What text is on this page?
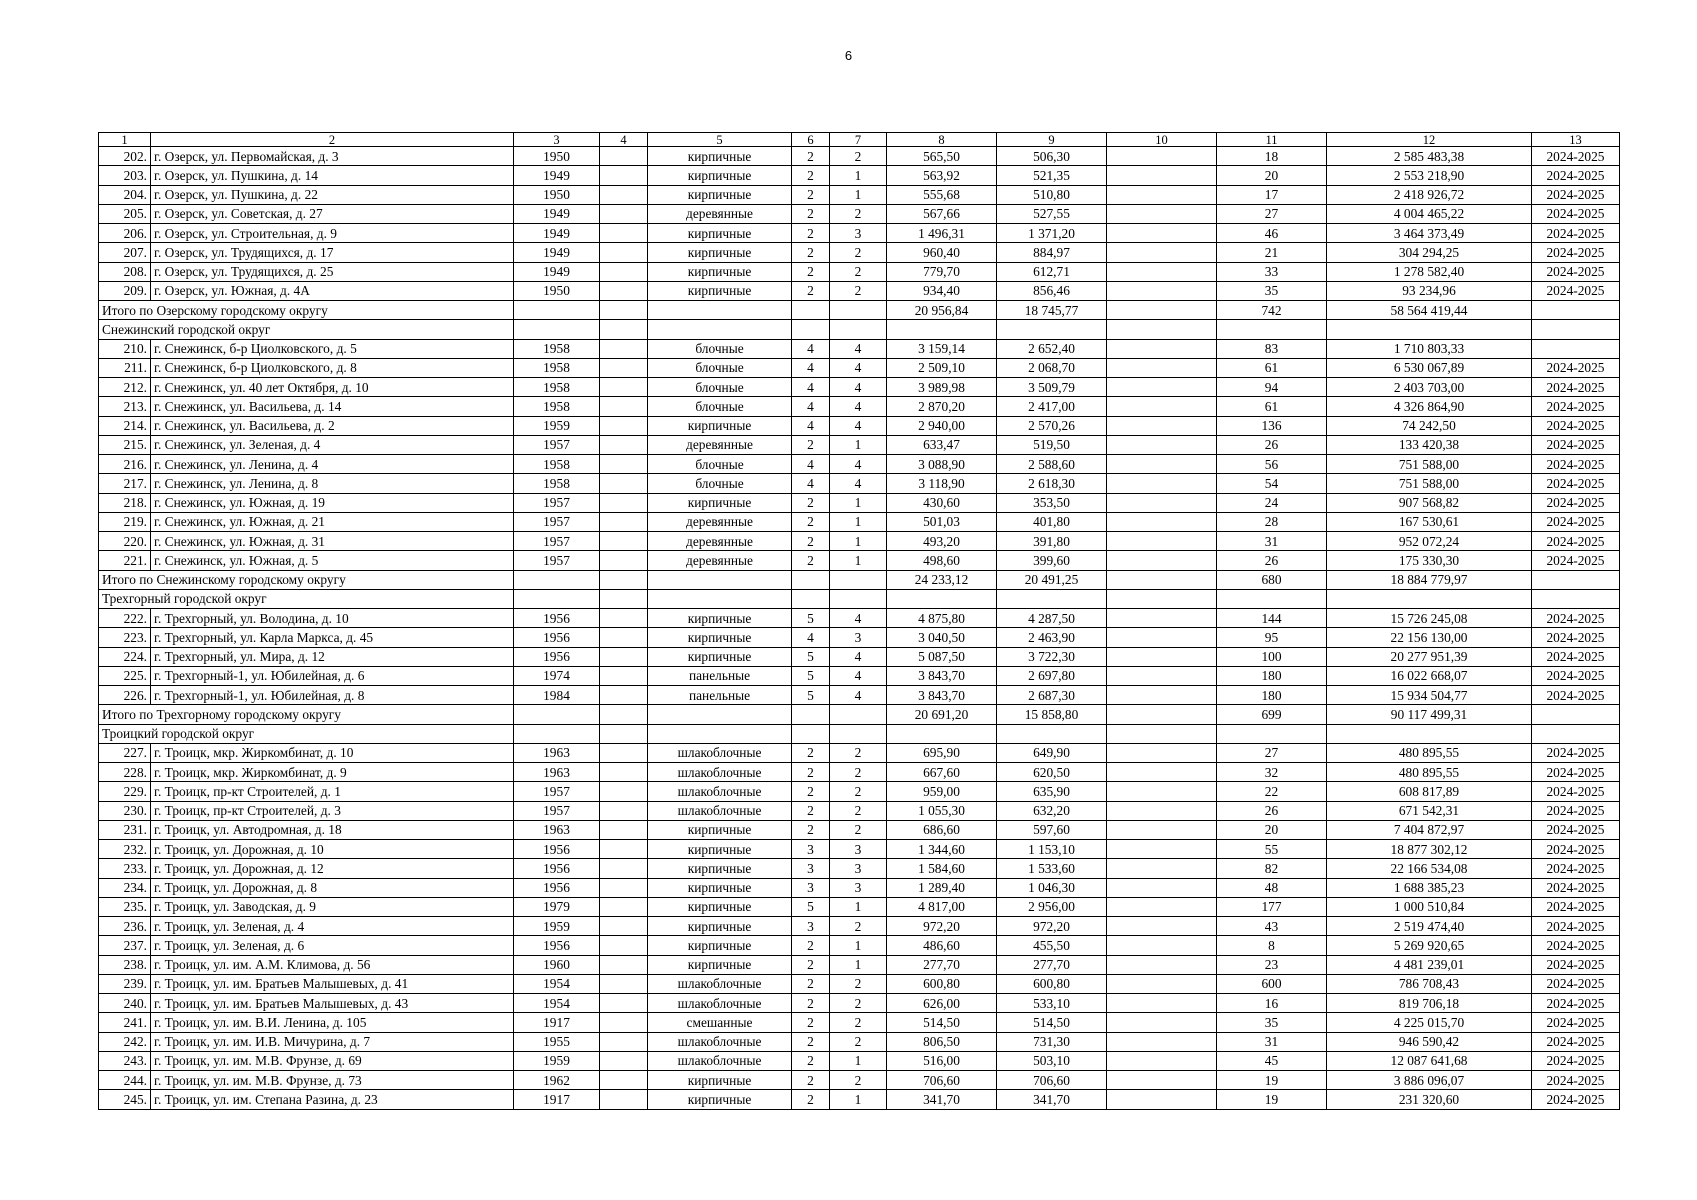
6
1	2	3	4	5	6	7	8	9	10	11	12	13
202.	г. Озерск, ул. Первомайская, д. 3	1950		кирпичные	2	2	565,50	506,30		18	2 585 483,38	2024-2025
203.	г. Озерск, ул. Пушкина, д. 14	1949		кирпичные	2	1	563,92	521,35		20	2 553 218,90	2024-2025
204.	г. Озерск, ул. Пушкина, д. 22	1950		кирпичные	2	1	555,68	510,80		17	2 418 926,72	2024-2025
205.	г. Озерск, ул. Советская, д. 27	1949		деревянные	2	2	567,66	527,55		27	4 004 465,22	2024-2025
206.	г. Озерск, ул. Строительная, д. 9	1949		кирпичные	2	3	1 496,31	1 371,20		46	3 464 373,49	2024-2025
207.	г. Озерск, ул. Трудящихся, д. 17	1949		кирпичные	2	2	960,40	884,97		21	304 294,25	2024-2025
208.	г. Озерск, ул. Трудящихся, д. 25	1949		кирпичные	2	2	779,70	612,71		33	1 278 582,40	2024-2025
209.	г. Озерск, ул. Южная, д. 4А	1950		кирпичные	2	2	934,40	856,46		35	93 234,96	2024-2025
Итого по Озерскому городскому округу							20 956,84	18 745,77		742	58 564 419,44	
Снежинский городской округ												
210.	г. Снежинск, б-р Циолковского, д. 5	1958		блочные	4	4	3 159,14	2 652,40		83	1 710 803,33	
211.	г. Снежинск, б-р Циолковского, д. 8	1958		блочные	4	4	2 509,10	2 068,70		61	6 530 067,89	2024-2025
212.	г. Снежинск, ул. 40 лет Октября, д. 10	1958		блочные	4	4	3 989,98	3 509,79		94	2 403 703,00	2024-2025
213.	г. Снежинск, ул. Васильева, д. 14	1958		блочные	4	4	2 870,20	2 417,00		61	4 326 864,90	2024-2025
214.	г. Снежинск, ул. Васильева, д. 2	1959		кирпичные	4	4	2 940,00	2 570,26		136	74 242,50	2024-2025
215.	г. Снежинск, ул. Зеленая, д. 4	1957		деревянные	2	1	633,47	519,50		26	133 420,38	2024-2025
216.	г. Снежинск, ул. Ленина, д. 4	1958		блочные	4	4	3 088,90	2 588,60		56	751 588,00	2024-2025
217.	г. Снежинск, ул. Ленина, д. 8	1958		блочные	4	4	3 118,90	2 618,30		54	751 588,00	2024-2025
218.	г. Снежинск, ул. Южная, д. 19	1957		кирпичные	2	1	430,60	353,50		24	907 568,82	2024-2025
219.	г. Снежинск, ул. Южная, д. 21	1957		деревянные	2	1	501,03	401,80		28	167 530,61	2024-2025
220.	г. Снежинск, ул. Южная, д. 31	1957		деревянные	2	1	493,20	391,80		31	952 072,24	2024-2025
221.	г. Снежинск, ул. Южная, д. 5	1957		деревянные	2	1	498,60	399,60		26	175 330,30	2024-2025
Итого по Снежинскому городскому округу							24 233,12	20 491,25		680	18 884 779,97	
Трехгорный городской округ												
222.	г. Трехгорный, ул. Володина, д. 10	1956		кирпичные	5	4	4 875,80	4 287,50		144	15 726 245,08	2024-2025
223.	г. Трехгорный, ул. Карла Маркса, д. 45	1956		кирпичные	4	3	3 040,50	2 463,90		95	22 156 130,00	2024-2025
224.	г. Трехгорный, ул. Мира, д. 12	1956		кирпичные	5	4	5 087,50	3 722,30		100	20 277 951,39	2024-2025
225.	г. Трехгорный-1, ул. Юбилейная, д. 6	1974		панельные	5	4	3 843,70	2 697,80		180	16 022 668,07	2024-2025
226.	г. Трехгорный-1, ул. Юбилейная, д. 8	1984		панельные	5	4	3 843,70	2 687,30		180	15 934 504,77	2024-2025
Итого по Трехгорному городскому округу							20 691,20	15 858,80		699	90 117 499,31	
Троицкий городской округ												
227.	г. Троицк, мкр. Жиркомбинат, д. 10	1963		шлакоблочные	2	2	695,90	649,90		27	480 895,55	2024-2025
228.	г. Троицк, мкр. Жиркомбинат, д. 9	1963		шлакоблочные	2	2	667,60	620,50		32	480 895,55	2024-2025
229.	г. Троицк, пр-кт Строителей, д. 1	1957		шлакоблочные	2	2	959,00	635,90		22	608 817,89	2024-2025
230.	г. Троицк, пр-кт Строителей, д. 3	1957		шлакоблочные	2	2	1 055,30	632,20		26	671 542,31	2024-2025
231.	г. Троицк, ул. Автодромная, д. 18	1963		кирпичные	2	2	686,60	597,60		20	7 404 872,97	2024-2025
232.	г. Троицк, ул. Дорожная, д. 10	1956		кирпичные	3	3	1 344,60	1 153,10		55	18 877 302,12	2024-2025
233.	г. Троицк, ул. Дорожная, д. 12	1956		кирпичные	3	3	1 584,60	1 533,60		82	22 166 534,08	2024-2025
234.	г. Троицк, ул. Дорожная, д. 8	1956		кирпичные	3	3	1 289,40	1 046,30		48	1 688 385,23	2024-2025
235.	г. Троицк, ул. Заводская, д. 9	1979		кирпичные	5	1	4 817,00	2 956,00		177	1 000 510,84	2024-2025
236.	г. Троицк, ул. Зеленая, д. 4	1959		кирпичные	3	2	972,20	972,20		43	2 519 474,40	2024-2025
237.	г. Троицк, ул. Зеленая, д. 6	1956		кирпичные	2	1	486,60	455,50		8	5 269 920,65	2024-2025
238.	г. Троицк, ул. им. А.М. Климова, д. 56	1960		кирпичные	2	1	277,70	277,70		23	4 481 239,01	2024-2025
239.	г. Троицк, ул. им. Братьев Малышевых, д. 41	1954		шлакоблочные	2	2	600,80	600,80		600	786 708,43	2024-2025
240.	г. Троицк, ул. им. Братьев Малышевых, д. 43	1954		шлакоблочные	2	2	626,00	533,10		16	819 706,18	2024-2025
241.	г. Троицк, ул. им. В.И. Ленина, д. 105	1917		смешанные	2	2	514,50	514,50		35	4 225 015,70	2024-2025
242.	г. Троицк, ул. им. И.В. Мичурина, д. 7	1955		шлакоблочные	2	2	806,50	731,30		31	946 590,42	2024-2025
243.	г. Троицк, ул. им. М.В. Фрунзе, д. 69	1959		шлакоблочные	2	1	516,00	503,10		45	12 087 641,68	2024-2025
244.	г. Троицк, ул. им. М.В. Фрунзе, д. 73	1962		кирпичные	2	2	706,60	706,60		19	3 886 096,07	2024-2025
245.	г. Троицк, ул. им. Степана Разина, д. 23	1917		кирпичные	2	1	341,70	341,70		19	231 320,60	2024-2025
